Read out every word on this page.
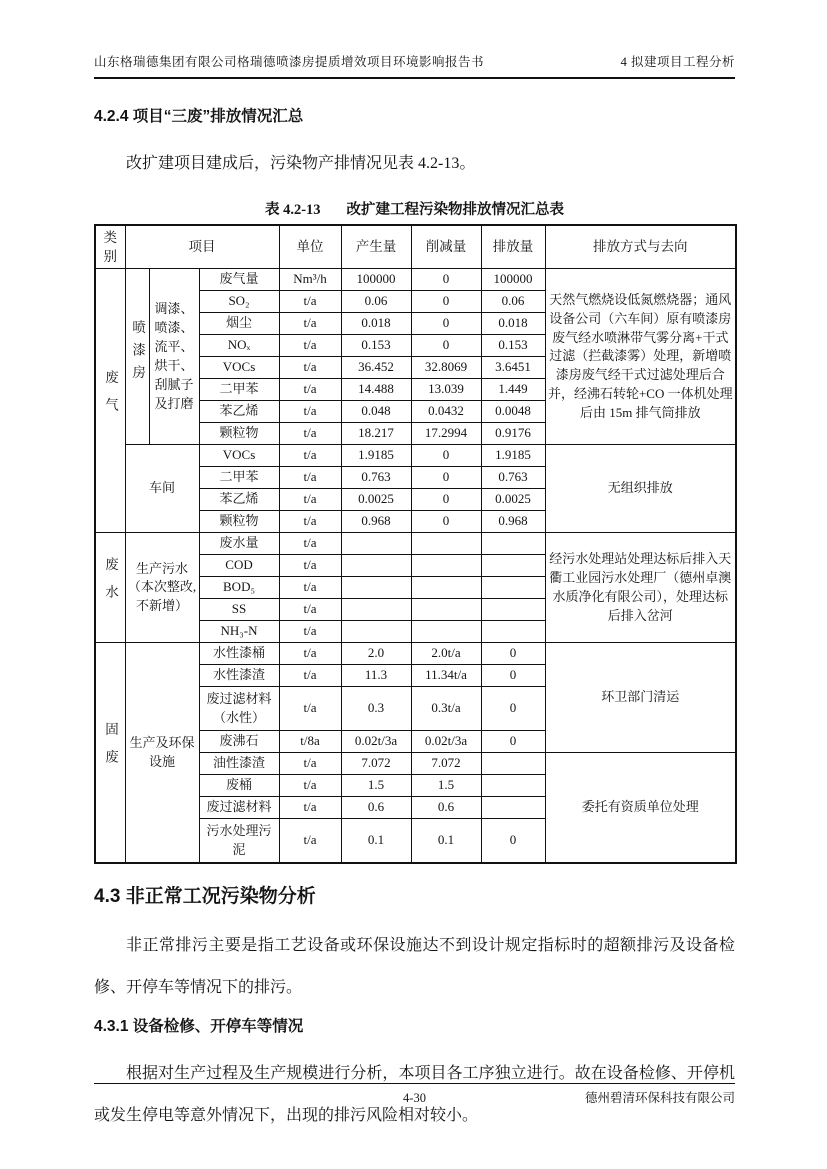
山东格瑞德集团有限公司格瑞德喷漆房提质增效项目环境影响报告书	4 拟建项目工程分析
4.2.4 项目“三废”排放情况汇总
改扩建项目建成后，污染物产排情况见表 4.2-13。
表 4.2-13 改扩建工程污染物排放情况汇总表
类别	项目			单位	产生量	削减量	排放量	排放方式与去向
废气	喷漆房	调漆、喷漆、流平、烘干、刮腻子及打磨	废气量	Nm³/h	100000	0	100000	天然气燃烧设低氮燃烧器；通风设备公司（六车间）原有喷漆房废气经水喷淋带气雾分离+干式过滤（拦截漆雾）处理，新增喷漆房废气经干式过滤处理后合并，经沸石转轮+CO 一体机处理后由 15m 排气筒排放
			SO₂	t/a	0.06	0	0.06	
			烟尘	t/a	0.018	0	0.018	
			NOₓ	t/a	0.153	0	0.153	
			VOCs	t/a	36.452	32.8069	3.6451	
			二甲苯	t/a	14.488	13.039	1.449	
			苯乙烯	t/a	0.048	0.0432	0.0048	
			颗粒物	t/a	18.217	17.2994	0.9176	
	车间		VOCs	t/a	1.9185	0	1.9185	无组织排放
			二甲苯	t/a	0.763	0	0.763	
			苯乙烯	t/a	0.0025	0	0.0025	
			颗粒物	t/a	0.968	0	0.968	
废水	生产污水（本次整改,不新增）		废水量	t/a				经污水处理站处理达标后排入天衢工业园污水处理厂（德州卓澳水质净化有限公司），处理达标后排入岔河
			COD	t/a				
			BOD₅	t/a				
			SS	t/a				
			NH₃-N	t/a				
固废	生产及环保设施		水性漆桶	t/a	2.0	2.0t/a	0	环卫部门清运
			水性漆渣	t/a	11.3	11.34t/a	0	
			废过滤材料（水性）	t/a	0.3	0.3t/a	0	
			废沸石	t/8a	0.02t/3a	0.02t/3a	0	
			油性漆渣	t/a	7.072	7.072		委托有资质单位处理
			废桶	t/a	1.5	1.5		
			废过滤材料	t/a	0.6	0.6		
			污水处理污泥	t/a	0.1	0.1	0	
4.3 非正常工况污染物分析
非正常排污主要是指工艺设备或环保设施达不到设计规定指标时的超额排污及设备检修、开停车等情况下的排污。
4.3.1 设备检修、开停车等情况
根据对生产过程及生产规模进行分析，本项目各工序独立进行。故在设备检修、开停机或发生停电等意外情况下，出现的排污风险相对较小。
4-30	德州碧清环保科技有限公司
